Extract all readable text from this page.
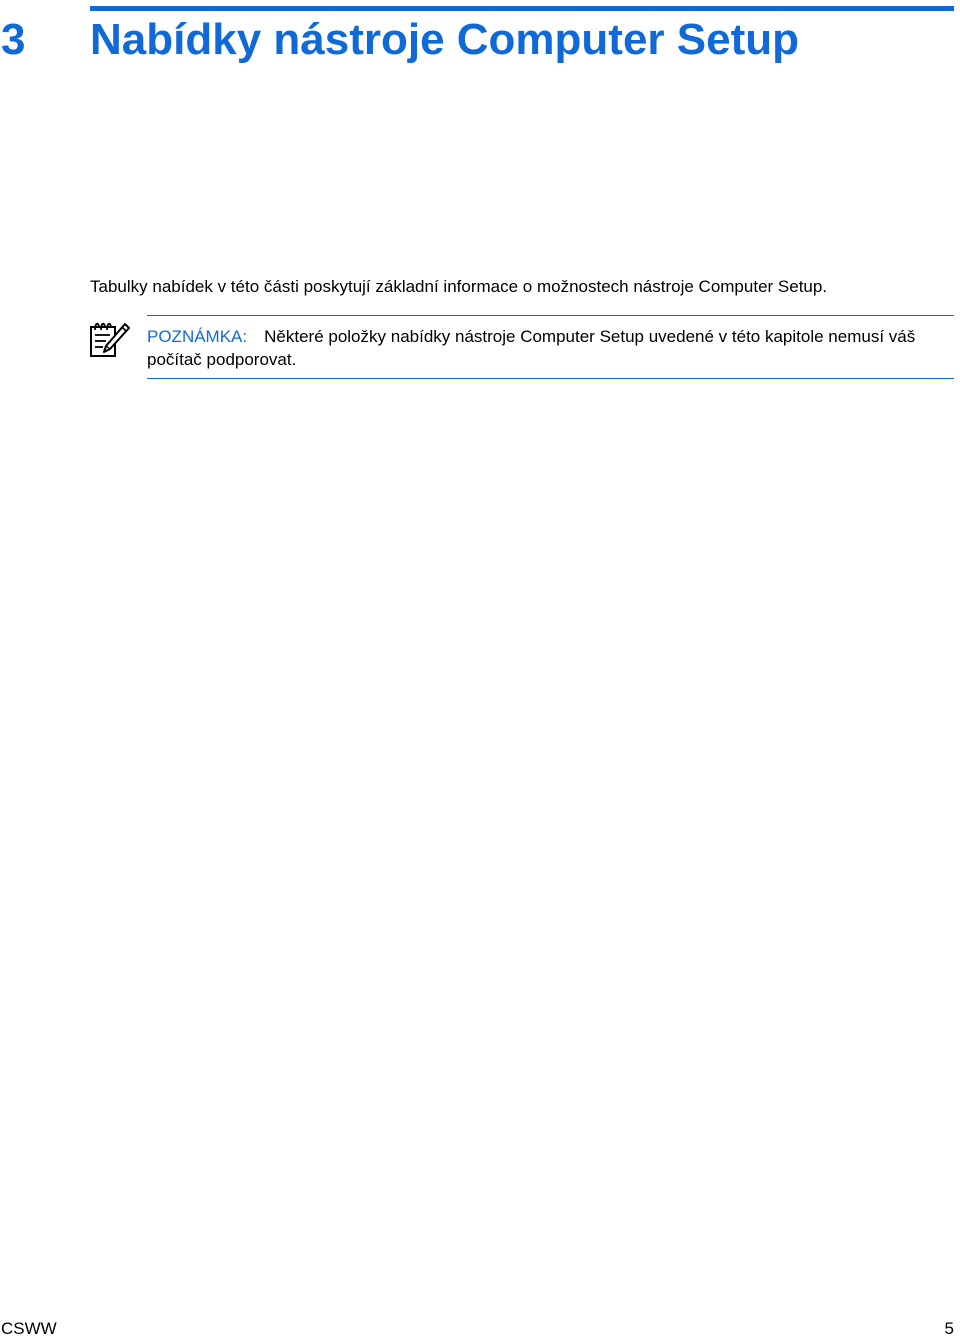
3 Nabídky nástroje Computer Setup

Tabulky nabídek v této části poskytují základní informace o možnostech nástroje Computer Setup.

POZNÁMKA: Některé položky nabídky nástroje Computer Setup uvedené v této kapitole nemusí váš počítač podporovat.
CSWW	5
